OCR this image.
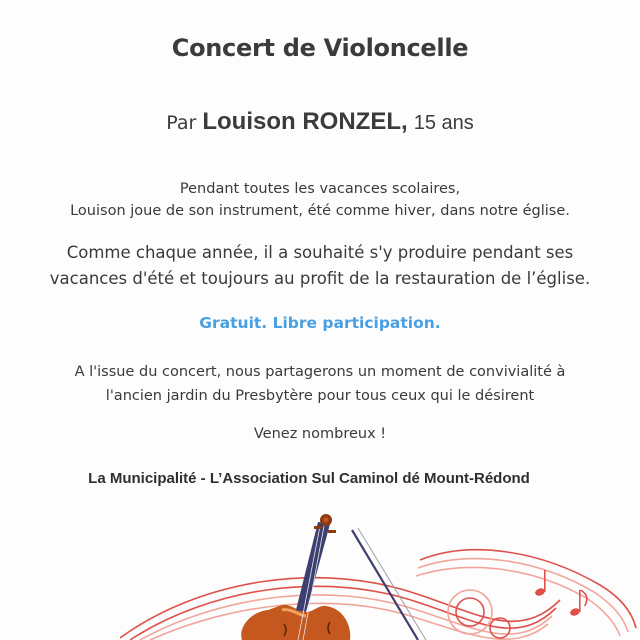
Concert de Violoncelle
Par Louison RONZEL, 15 ans
Pendant toutes les vacances scolaires,
Louison joue de son instrument, été comme hiver, dans notre église.
Comme chaque année, il a souhaité s'y produire pendant ses
vacances d'été et toujours au profit de la restauration de l’église.
Gratuit. Libre participation.
A l'issue du concert, nous partagerons un moment de convivialité à
l'ancien jardin du Presbytère pour tous ceux qui le désirent
Venez nombreux !
La Municipalité - L’Association Sul Caminol dé Mount-Rédond
